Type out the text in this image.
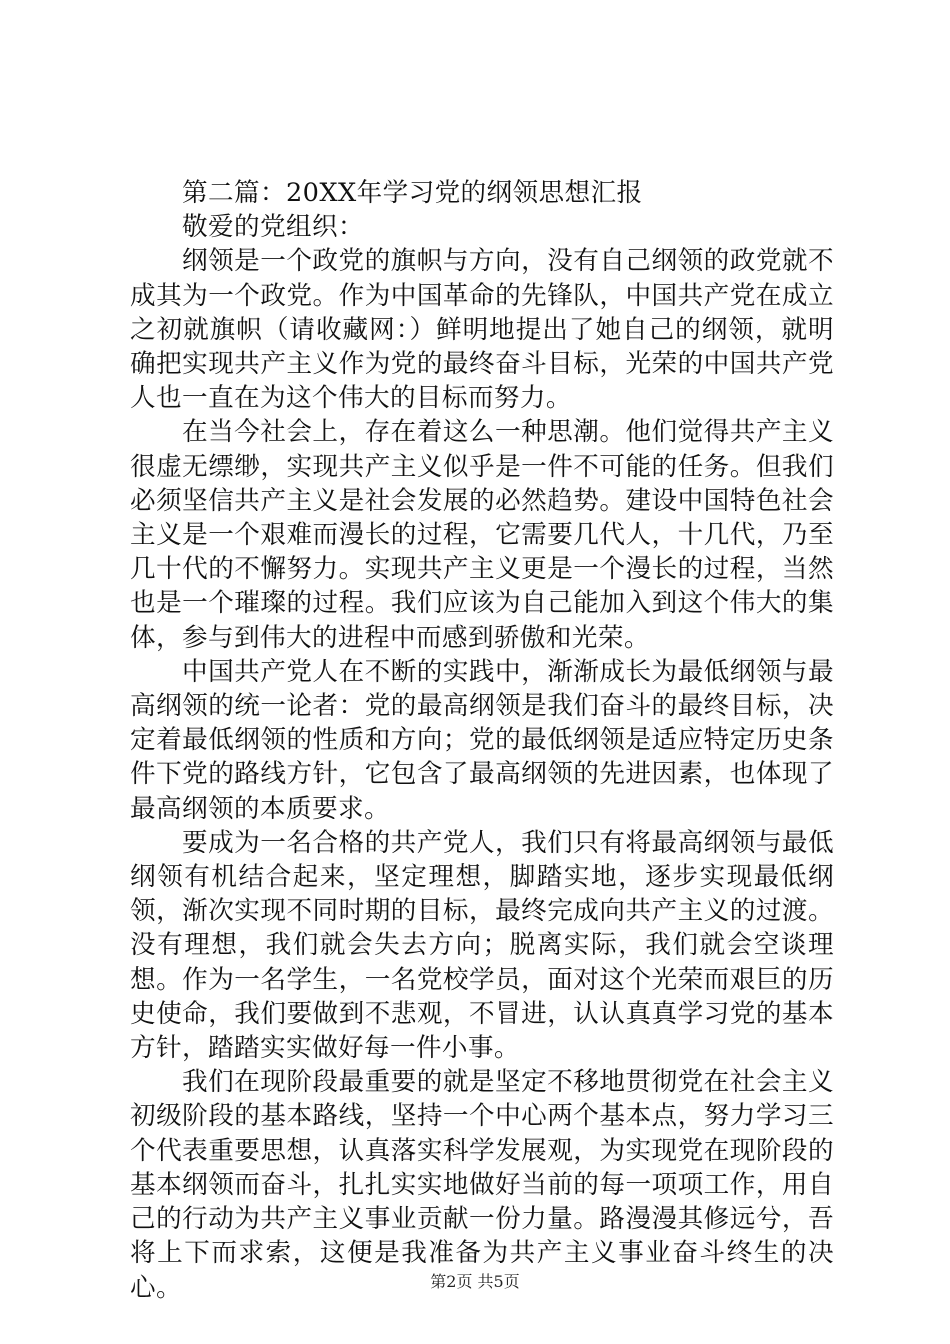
第二篇：20XX年学习党的纲领思想汇报

敬爱的党组织：

纲领是一个政党的旗帜与方向，没有自己纲领的政党就不成其为一个政党。作为中国革命的先锋队，中国共产党在成立之初就旗帜（请收藏网：）鲜明地提出了她自己的纲领，就明确把实现共产主义作为党的最终奋斗目标，光荣的中国共产党人也一直在为这个伟大的目标而努力。

在当今社会上，存在着这么一种思潮。他们觉得共产主义很虚无缥缈，实现共产主义似乎是一件不可能的任务。但我们必须坚信共产主义是社会发展的必然趋势。建设中国特色社会主义是一个艰难而漫长的过程，它需要几代人，十几代，乃至几十代的不懈努力。实现共产主义更是一个漫长的过程，当然也是一个璀璨的过程。我们应该为自己能加入到这个伟大的集体，参与到伟大的进程中而感到骄傲和光荣。

中国共产党人在不断的实践中，渐渐成长为最低纲领与最高纲领的统一论者：党的最高纲领是我们奋斗的最终目标，决定着最低纲领的性质和方向；党的最低纲领是适应特定历史条件下党的路线方针，它包含了最高纲领的先进因素，也体现了最高纲领的本质要求。

要成为一名合格的共产党人，我们只有将最高纲领与最低纲领有机结合起来，坚定理想，脚踏实地，逐步实现最低纲领，渐次实现不同时期的目标，最终完成向共产主义的过渡。没有理想，我们就会失去方向；脱离实际，我们就会空谈理想。作为一名学生，一名党校学员，面对这个光荣而艰巨的历史使命，我们要做到不悲观，不冒进，认认真真学习党的基本方针，踏踏实实做好每一件小事。

我们在现阶段最重要的就是坚定不移地贯彻党在社会主义初级阶段的基本路线，坚持一个中心两个基本点，努力学习三个代表重要思想，认真落实科学发展观，为实现党在现阶段的基本纲领而奋斗，扎扎实实地做好当前的每一项项工作，用自己的行动为共产主义事业贡献一份力量。路漫漫其修远兮，吾将上下而求索，这便是我准备为共产主义事业奋斗终生的决心。	第2页 共5页
